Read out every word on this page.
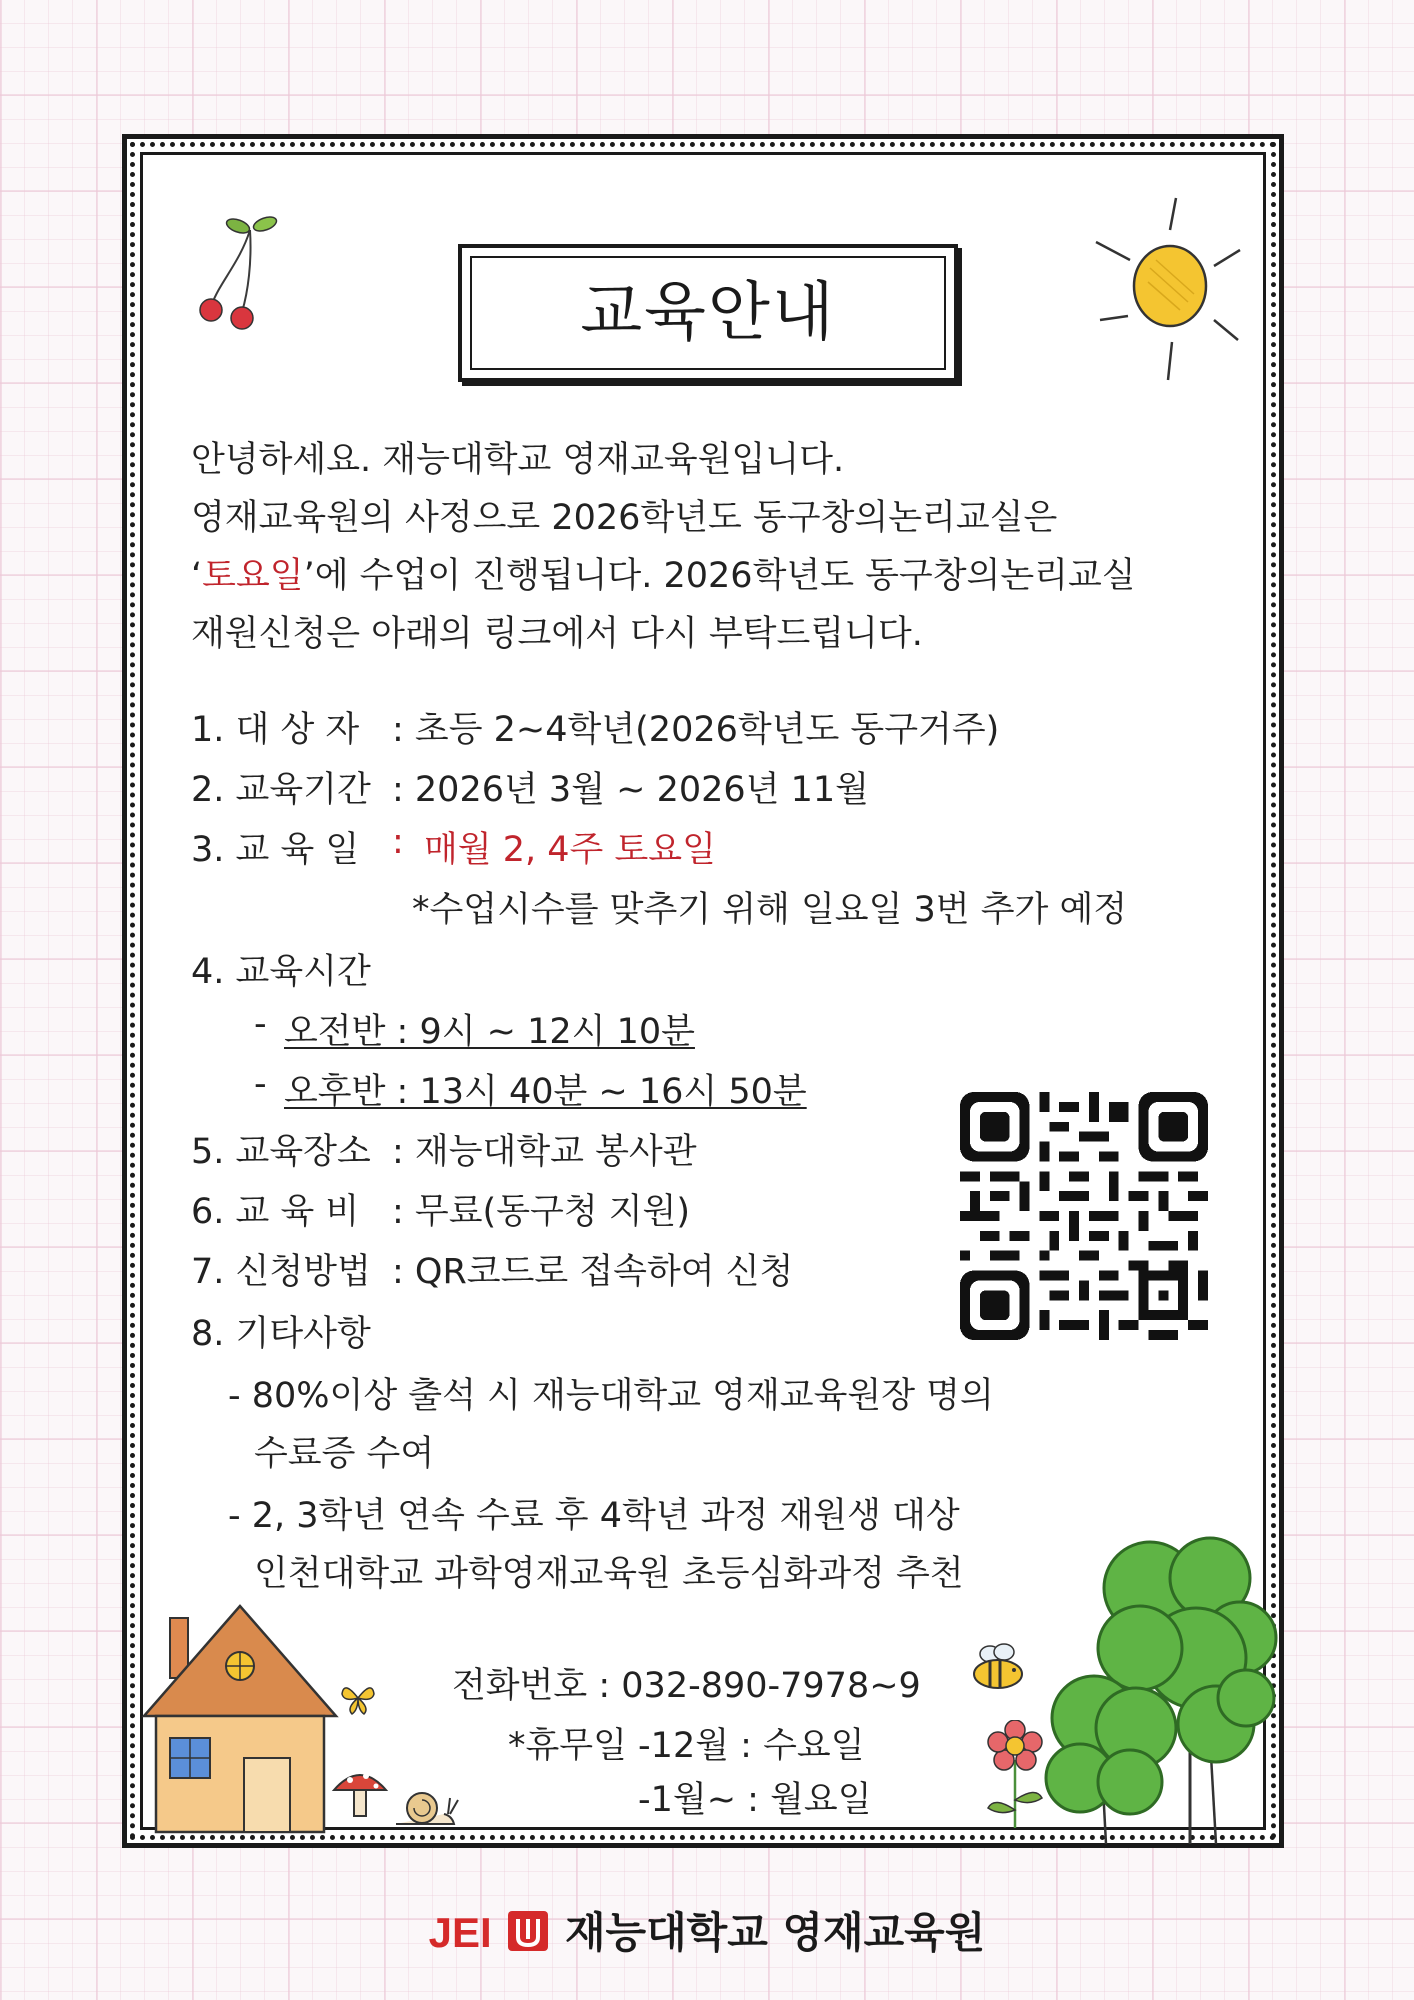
교육안내
안녕하세요. 재능대학교 영재교육원입니다.
영재교육원의 사정으로 2026학년도 동구창의논리교실은
‘토요일’에 수업이 진행됩니다. 2026학년도 동구창의논리교실
재원신청은 아래의 링크에서 다시 부탁드립니다.
1. 대 상 자 : 초등 2~4학년(2026학년도 동구거주)
2. 교육기간 : 2026년 3월 ~ 2026년 11월
3. 교 육 일 : 매월 2, 4주 토요일
*수업시수를 맞추기 위해 일요일 3번 추가 예정
4. 교육시간
- 오전반 : 9시 ~ 12시 10분
- 오후반 : 13시 40분 ~ 16시 50분
5. 교육장소 : 재능대학교 봉사관
6. 교 육 비 : 무료(동구청 지원)
7. 신청방법 : QR코드로 접속하여 신청
8. 기타사항
- 80%이상 출석 시 재능대학교 영재교육원장 명의
수료증 수여
- 2, 3학년 연속 수료 후 4학년 과정 재원생 대상
인천대학교 과학영재교육원 초등심화과정 추천
전화번호 : 032-890-7978~9
*휴무일 -12월 : 수요일
-1월~ : 월요일
JEI 재능대학교 영재교육원
